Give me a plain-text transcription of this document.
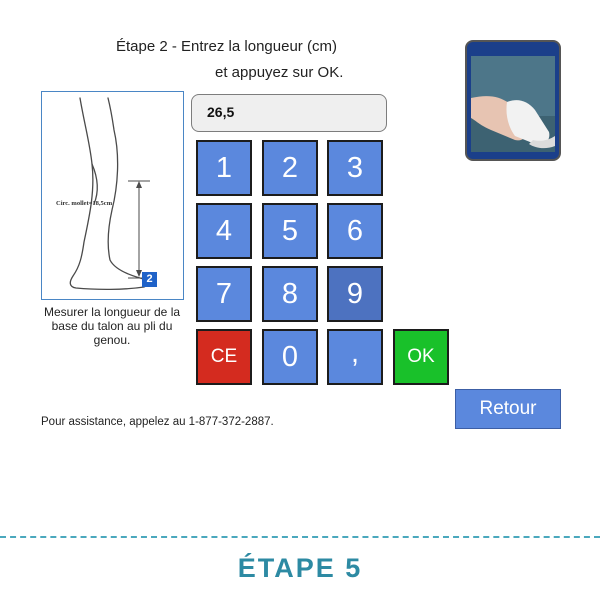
Étape 2 - Entrez la longueur (cm)
et appuyez sur OK.
Circ. mollet=18,5cm
2
Mesurer la longueur de la base du talon au pli du genou.
26,5
1	2	3
4	5	6
7	8	9
CE	0	,	OK
Pour assistance, appelez au 1-877-372-2887.
Retour
ÉTAPE 5
